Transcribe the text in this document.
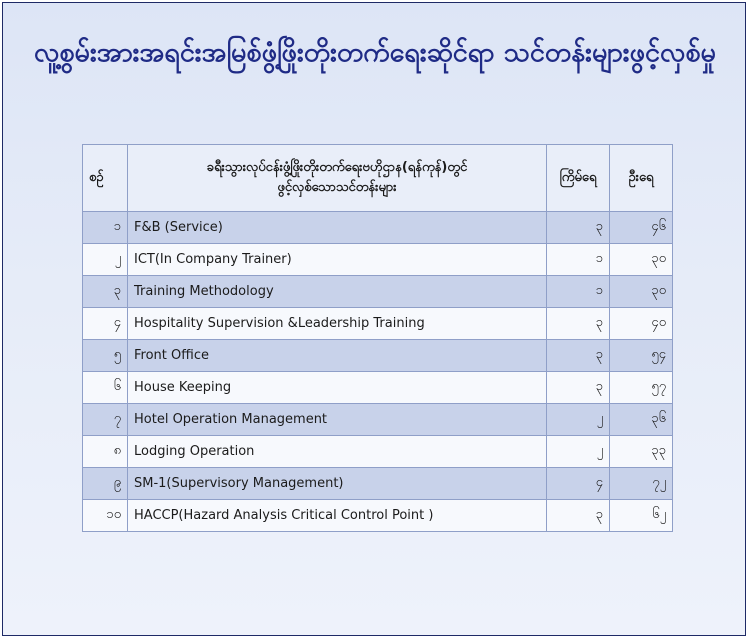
လူ့စွမ်းအားအရင်းအမြစ်ဖွံ့ဖြိုးတိုးတက်ရေးဆိုင်ရာ သင်တန်းများဖွင့်လှစ်မှု
စဉ်	ခရီးသွားလုပ်ငန်းဖွံ့ဖြိုးတိုးတက်ရေးဗဟိုဌာန(ရန်ကုန်)တွင်
ဖွင့်လှစ်သောသင်တန်းများ	ကြိမ်ရေ	ဦးရေ
၁	F&B (Service)	၃	၄၆
၂	ICT(In Company Trainer)	၁	၃၀
၃	Training Methodology	၁	၃၀
၄	Hospitality Supervision &Leadership Training	၃	၄၀
၅	Front Office	၃	၅၄
၆	House Keeping	၃	၅၇
၇	Hotel Operation Management	၂	၃၆
၈	Lodging Operation	၂	၃၃
၉	SM-1(Supervisory Management)	၄	၇၂
၁၀	HACCP(Hazard Analysis Critical Control Point )	၃	၆၂
